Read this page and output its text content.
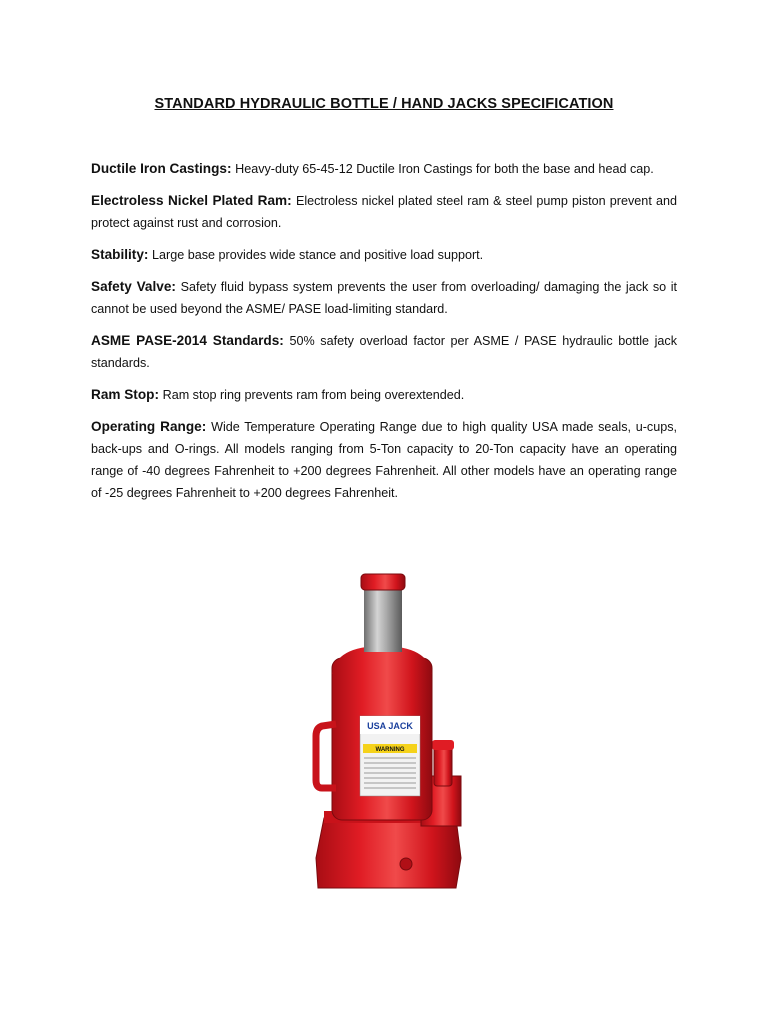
STANDARD HYDRAULIC BOTTLE / HAND JACKS SPECIFICATION

Ductile Iron Castings: Heavy-duty 65-45-12 Ductile Iron Castings for both the base and head cap.

Electroless Nickel Plated Ram: Electroless nickel plated steel ram & steel pump piston prevent and protect against rust and corrosion.

Stability: Large base provides wide stance and positive load support.

Safety Valve: Safety fluid bypass system prevents the user from overloading/ damaging the jack so it cannot be used beyond the ASME/ PASE load-limiting standard.

ASME PASE-2014 Standards: 50% safety overload factor per ASME / PASE hydraulic bottle jack standards.

Ram Stop: Ram stop ring prevents ram from being overextended.

Operating Range: Wide Temperature Operating Range due to high quality USA made seals, u-cups, back-ups and O-rings. All models ranging from 5-Ton capacity to 20-Ton capacity have an operating range of -40 degrees Fahrenheit to +200 degrees Fahrenheit. All other models have an operating range of -25 degrees Fahrenheit to +200 degrees Fahrenheit.

USA JACK
WARNING
